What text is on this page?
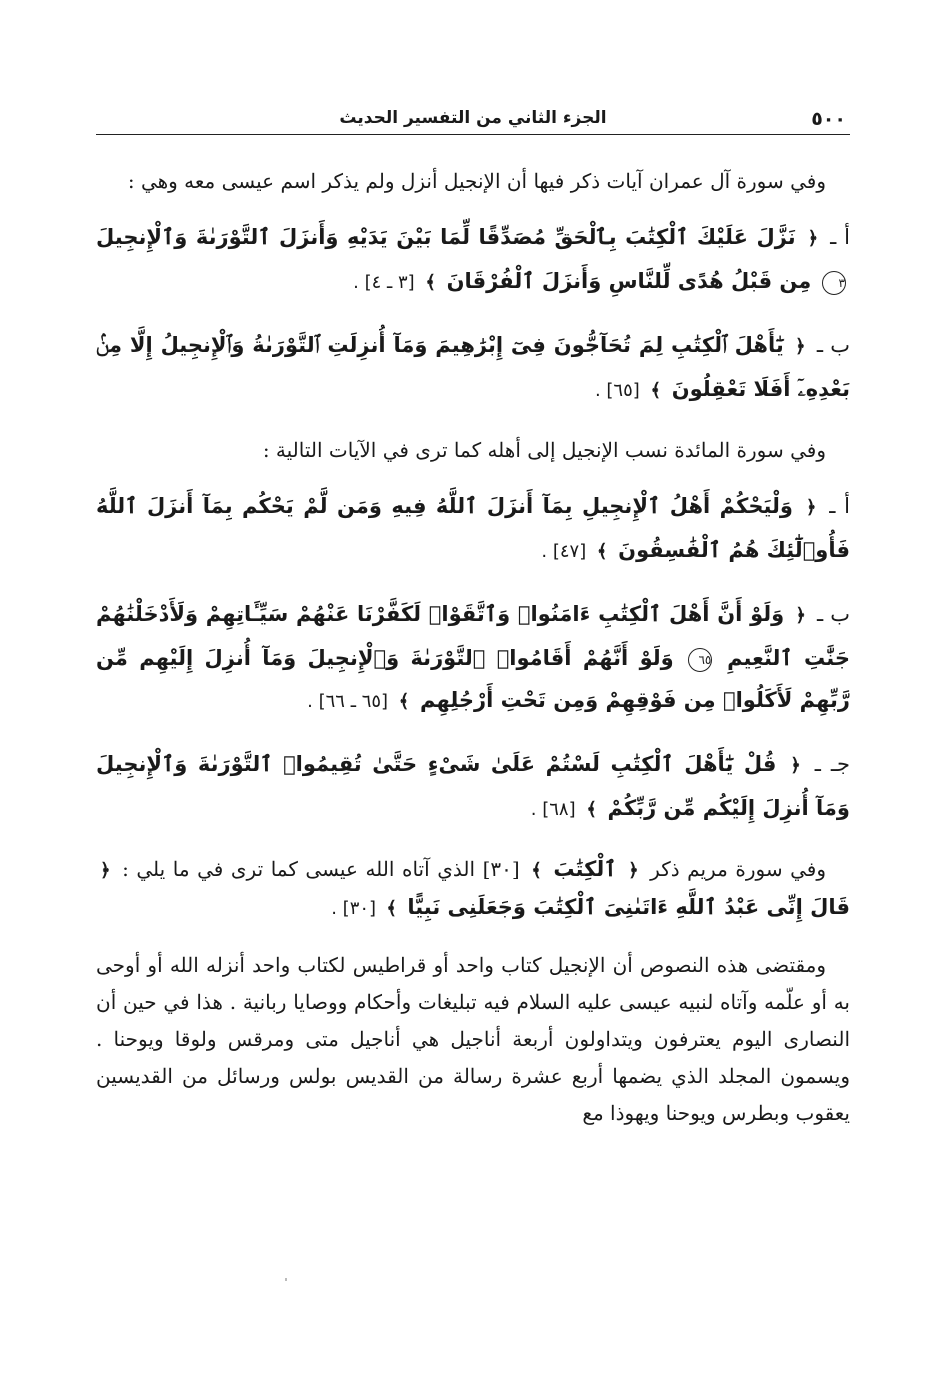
٥٠٠
الجزء الثاني من التفسير الحديث

وفي سورة آل عمران آيات ذكر فيها أن الإنجيل أنزل ولم يذكر اسم عيسى معه وهي :

أ ـ ﴿ نَزَّلَ عَلَيْكَ ٱلْكِتَٰبَ بِٱلْحَقِّ مُصَدِّقًا لِّمَا بَيْنَ يَدَيْهِ وَأَنزَلَ ٱلتَّوْرَىٰةَ وَٱلْإِنجِيلَ ٣ مِن قَبْلُ هُدًى لِّلنَّاسِ وَأَنزَلَ ٱلْفُرْقَانَ ﴾ [٣ ـ ٤] .

ب ـ ﴿ يَٰٓأَهْلَ ٱلْكِتَٰبِ لِمَ تُحَآجُّونَ فِىٓ إِبْرَٰهِيمَ وَمَآ أُنزِلَتِ ٱلتَّوْرَىٰةُ وَٱلْإِنجِيلُ إِلَّا مِنۢ بَعْدِهِۦٓ أَفَلَا تَعْقِلُونَ ﴾ [٦٥] .

وفي سورة المائدة نسب الإنجيل إلى أهله كما ترى في الآيات التالية :

أ ـ ﴿ وَلْيَحْكُمْ أَهْلُ ٱلْإِنجِيلِ بِمَآ أَنزَلَ ٱللَّهُ فِيهِ وَمَن لَّمْ يَحْكُم بِمَآ أَنزَلَ ٱللَّهُ فَأُو۟لَٰٓئِكَ هُمُ ٱلْفَٰسِقُونَ ﴾ [٤٧] .

ب ـ ﴿ وَلَوْ أَنَّ أَهْلَ ٱلْكِتَٰبِ ءَامَنُوا۟ وَٱتَّقَوْا۟ لَكَفَّرْنَا عَنْهُمْ سَيِّـَٔاتِهِمْ وَلَأَدْخَلْنَٰهُمْ جَنَّٰتِ ٱلنَّعِيمِ ٦٥ وَلَوْ أَنَّهُمْ أَقَامُوا۟ ٱلتَّوْرَىٰةَ وَٱلْإِنجِيلَ وَمَآ أُنزِلَ إِلَيْهِم مِّن رَّبِّهِمْ لَأَكَلُوا۟ مِن فَوْقِهِمْ وَمِن تَحْتِ أَرْجُلِهِم ﴾ [٦٥ ـ ٦٦] .

جـ ـ ﴿ قُلْ يَٰٓأَهْلَ ٱلْكِتَٰبِ لَسْتُمْ عَلَىٰ شَىْءٍ حَتَّىٰ تُقِيمُوا۟ ٱلتَّوْرَىٰةَ وَٱلْإِنجِيلَ وَمَآ أُنزِلَ إِلَيْكُم مِّن رَّبِّكُمْ ﴾ [٦٨] .

وفي سورة مريم ذكر ﴿ ٱلْكِتَٰبَ ﴾ [٣٠] الذي آتاه الله عيسى كما ترى في ما يلي : ﴿ قَالَ إِنِّى عَبْدُ ٱللَّهِ ءَاتَىٰنِىَ ٱلْكِتَٰبَ وَجَعَلَنِى نَبِيًّا ﴾ [٣٠] .

ومقتضى هذه النصوص أن الإنجيل كتاب واحد أو قراطيس لكتاب واحد أنزله الله أو أوحى به أو علّمه وآتاه لنبيه عيسى عليه السلام فيه تبليغات وأحكام ووصايا ربانية . هذا في حين أن النصارى اليوم يعترفون ويتداولون أربعة أناجيل هي أناجيل متى ومرقس ولوقا ويوحنا . ويسمون المجلد الذي يضمها أربع عشرة رسالة من القديس بولس ورسائل من القديسين يعقوب وبطرس ويوحنا ويهوذا مع
